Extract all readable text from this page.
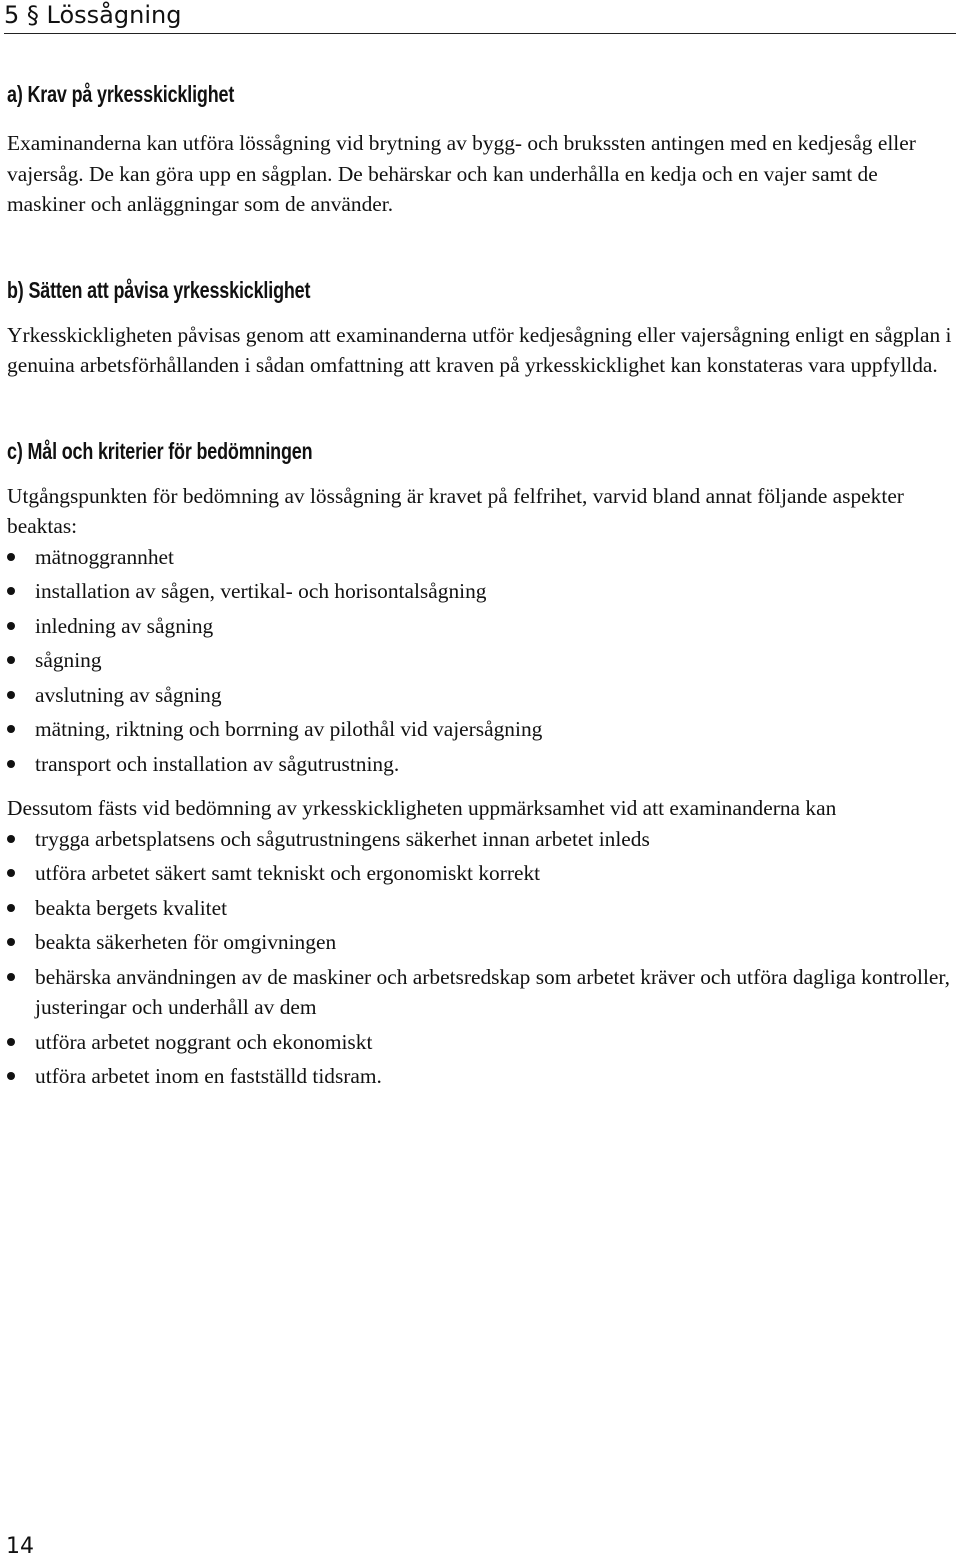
5 § Lössågning
a) Krav på yrkesskicklighet

Examinanderna kan utföra lössågning vid brytning av bygg- och brukssten antingen med en kedjesåg eller vajersåg. De kan göra upp en sågplan. De behärskar och kan underhålla en kedja och en vajer samt de maskiner och anläggningar som de använder.

b) Sätten att påvisa yrkesskicklighet

Yrkesskickligheten påvisas genom att examinanderna utför kedjesågning eller vajersågning enligt en sågplan i genuina arbetsförhållanden i sådan omfattning att kraven på yrkesskicklighet kan konstateras vara uppfyllda.

c) Mål och kriterier för bedömningen

Utgångspunkten för bedömning av lössågning är kravet på felfrihet, varvid bland annat följande aspekter beaktas:

mätnoggrannhet
installation av sågen, vertikal- och horisontalsågning
inledning av sågning
sågning
avslutning av sågning
mätning, riktning och borrning av pilothål vid vajersågning
transport och installation av sågutrustning.

Dessutom fästs vid bedömning av yrkesskickligheten uppmärksamhet vid att examinanderna kan

trygga arbetsplatsens och sågutrustningens säkerhet innan arbetet inleds
utföra arbetet säkert samt tekniskt och ergonomiskt korrekt
beakta bergets kvalitet
beakta säkerheten för omgivningen
behärska användningen av de maskiner och arbetsredskap som arbetet kräver och utföra dagliga kontroller, justeringar och underhåll av dem
utföra arbetet noggrant och ekonomiskt
utföra arbetet inom en fastställd tidsram.
14
